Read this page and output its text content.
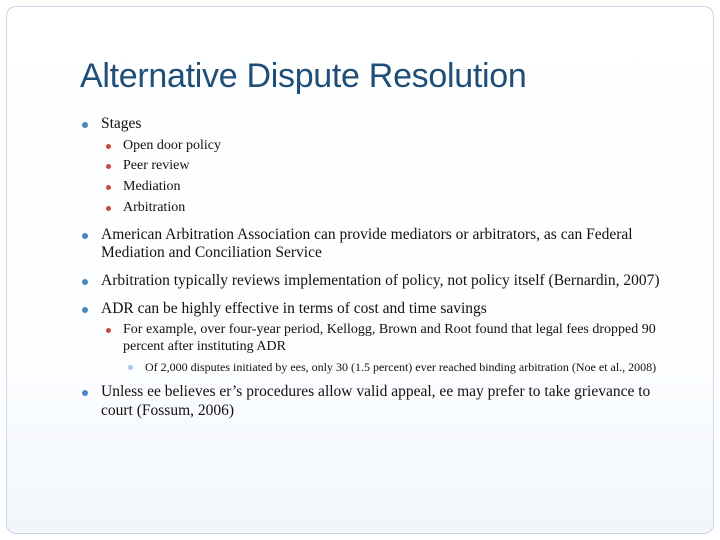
Alternative Dispute Resolution
Stages
Open door policy
Peer review
Mediation
Arbitration
American Arbitration Association can provide mediators or arbitrators, as can Federal Mediation and Conciliation Service
Arbitration typically reviews implementation of policy, not policy itself (Bernardin, 2007)
ADR can be highly effective in terms of cost and time savings
For example, over four-year period, Kellogg, Brown and Root found that legal fees dropped 90 percent after instituting ADR
Of 2,000 disputes initiated by ees, only 30 (1.5 percent) ever reached binding arbitration (Noe et al., 2008)
Unless ee believes er’s procedures allow valid appeal, ee may prefer to take grievance to court (Fossum, 2006)
